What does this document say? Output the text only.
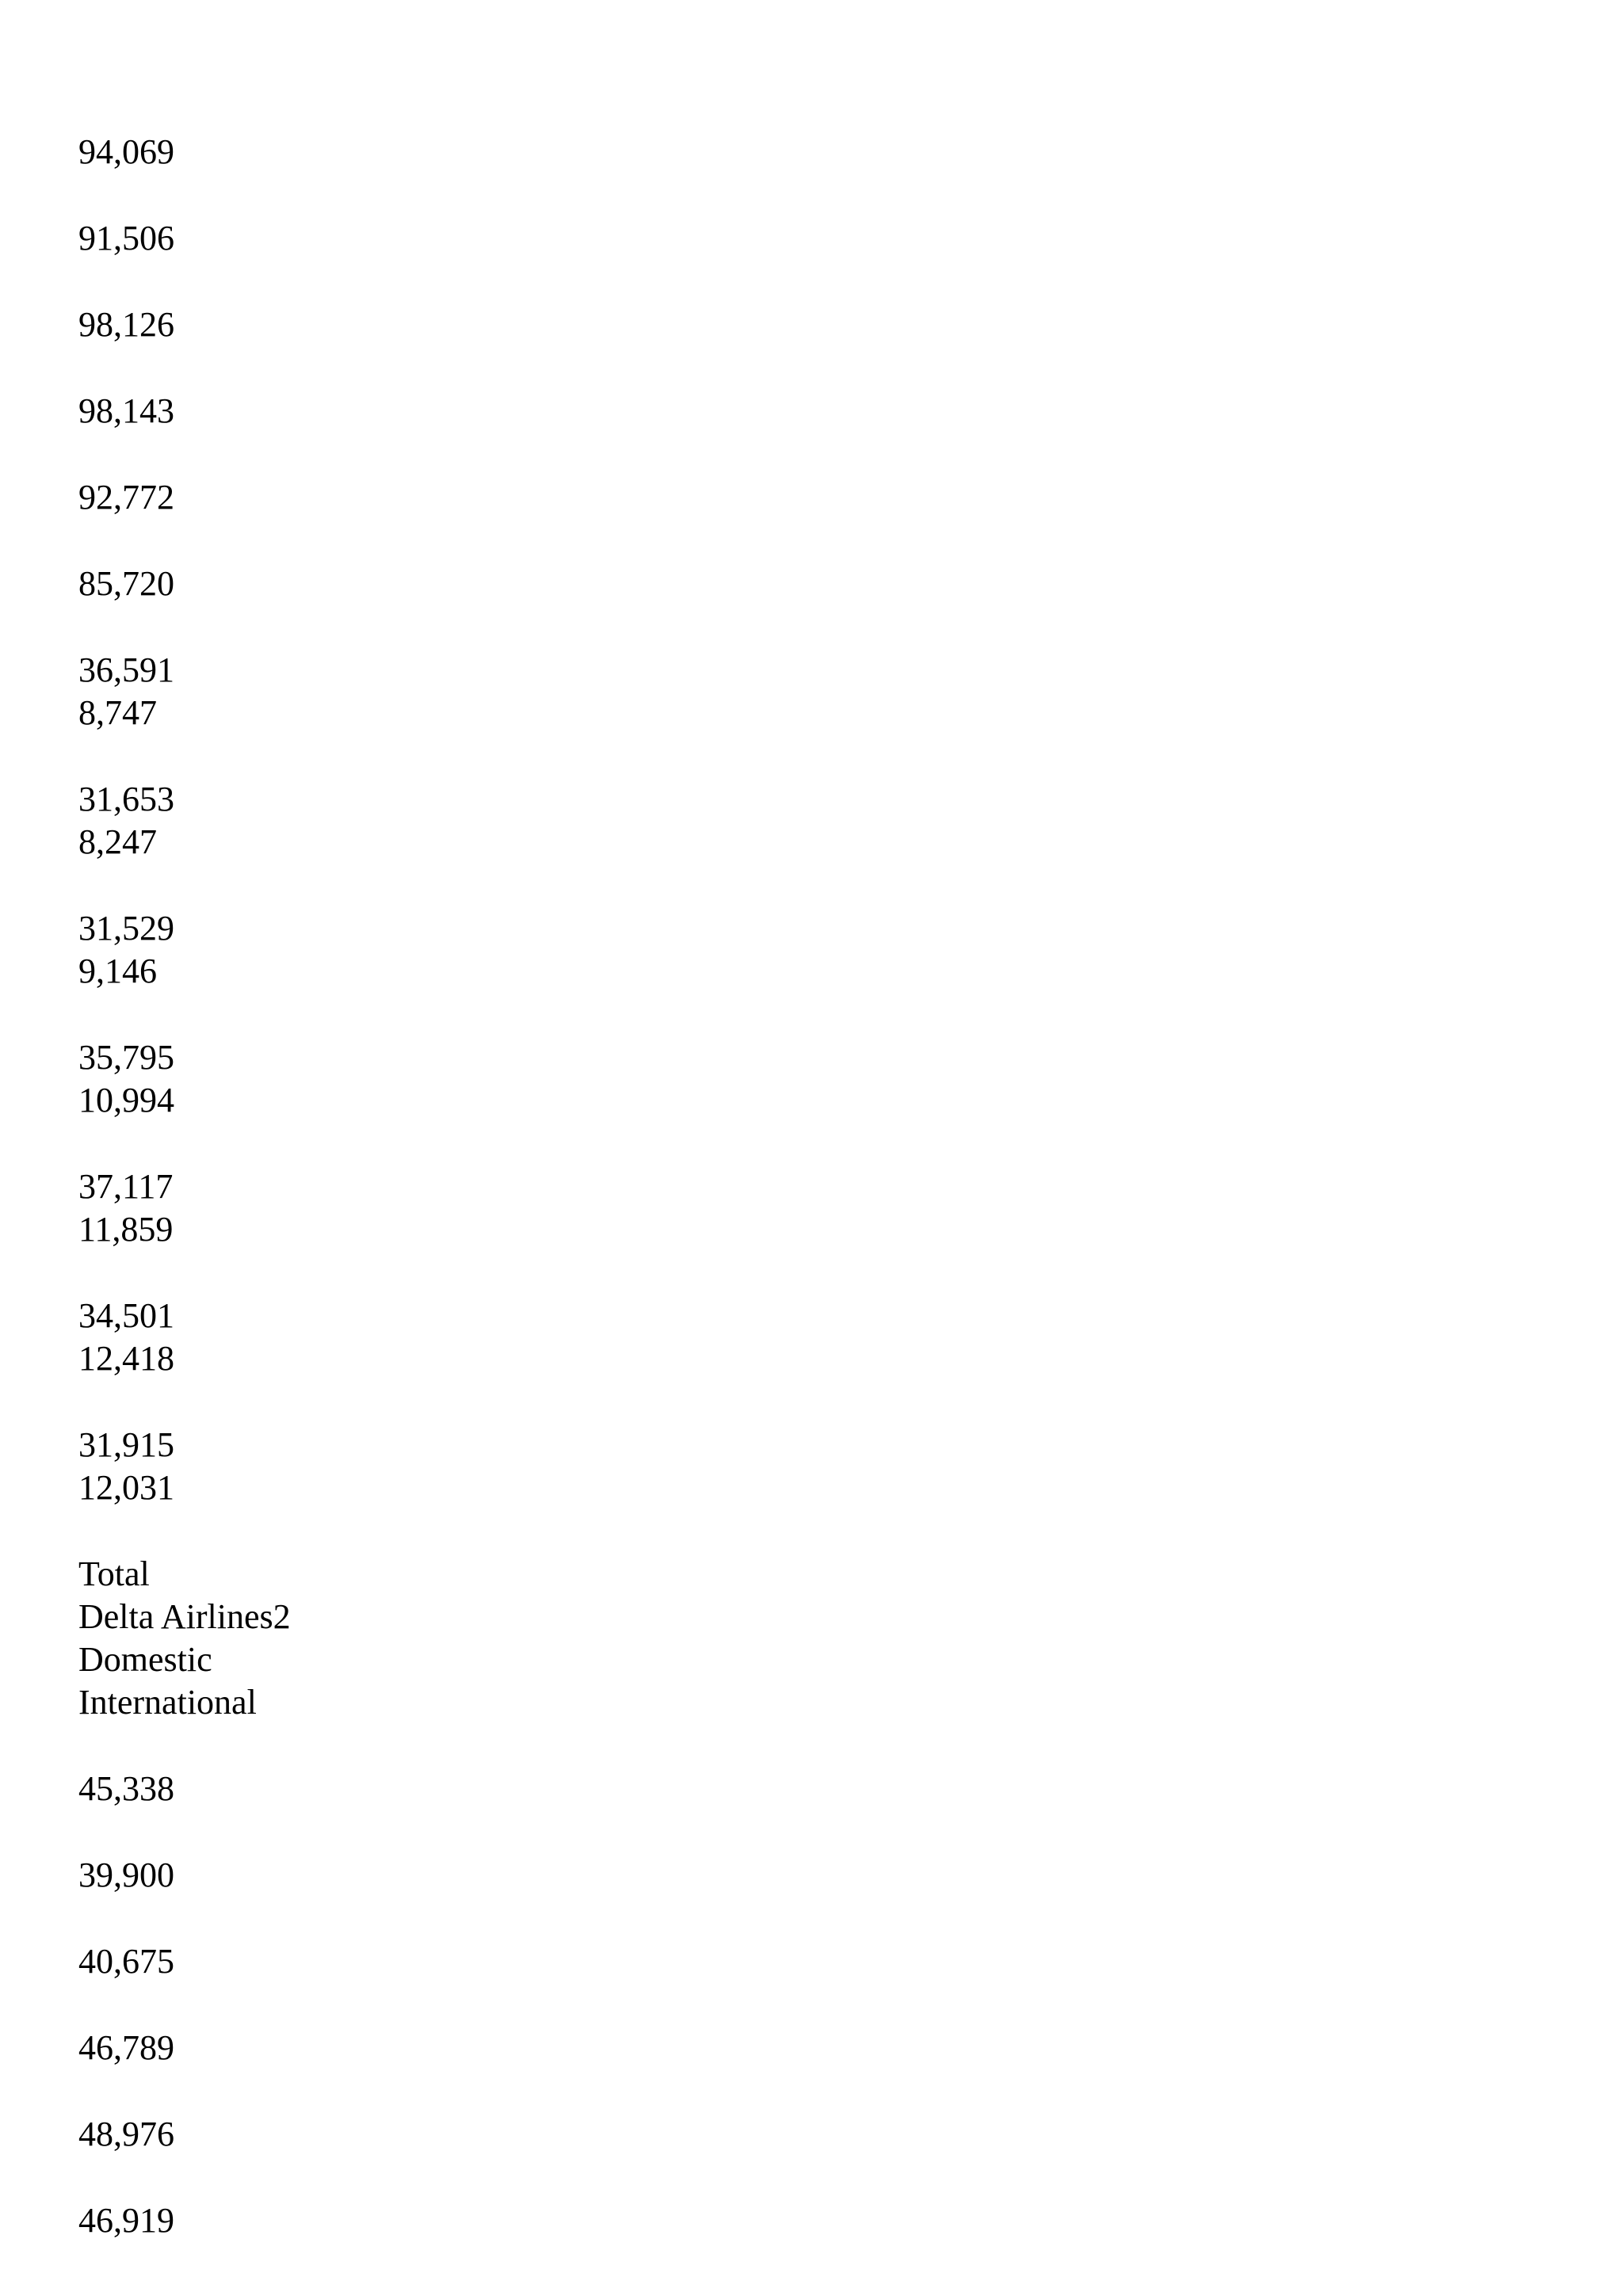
94,069
91,506
98,126
98,143
92,772
85,720
36,591
8,747
31,653
8,247
31,529
9,146
35,795
10,994
37,117
11,859
34,501
12,418
31,915
12,031
Total
Delta Airlines2
Domestic
International
45,338
39,900
40,675
46,789
48,976
46,919
